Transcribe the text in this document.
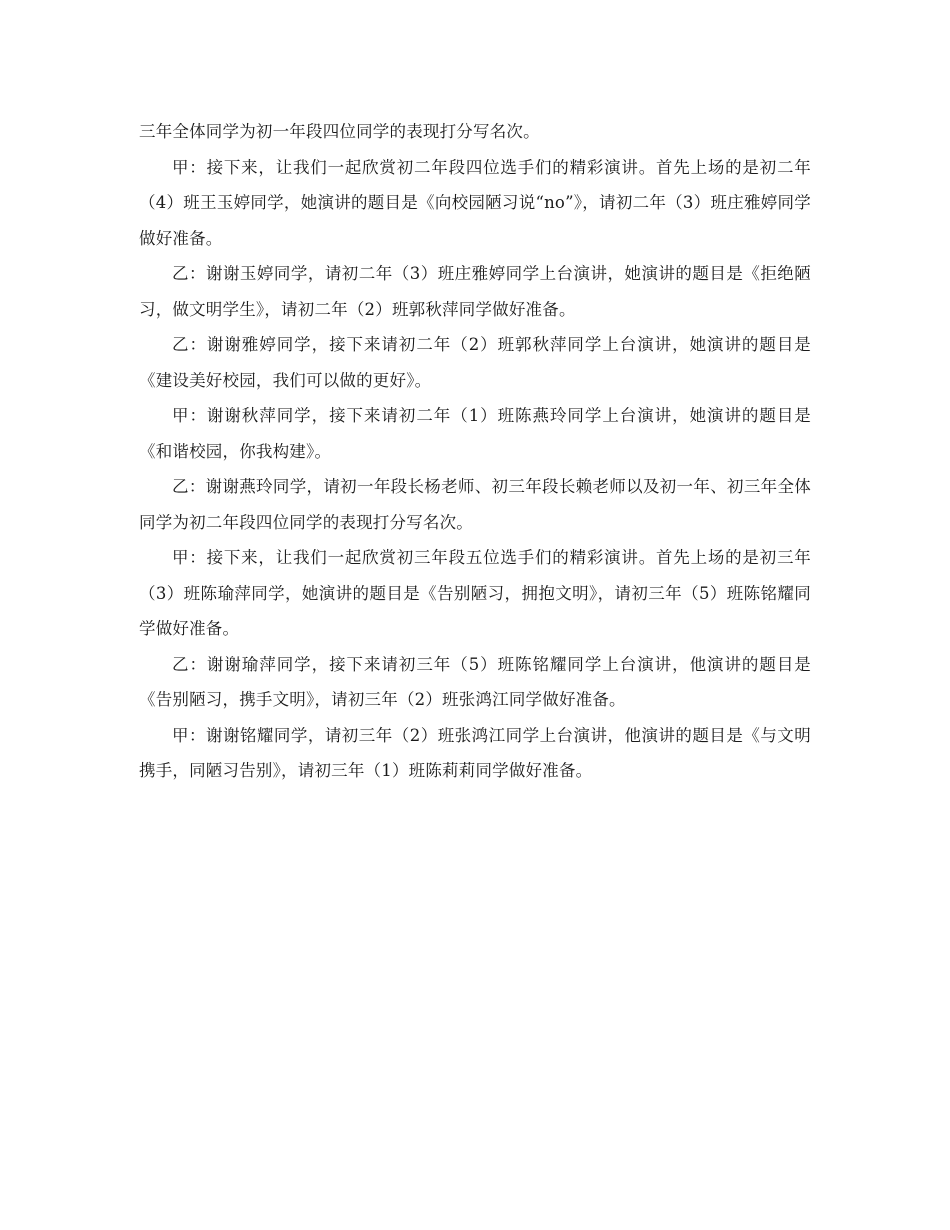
三年全体同学为初一年段四位同学的表现打分写名次。

甲：接下来，让我们一起欣赏初二年段四位选手们的精彩演讲。首先上场的是初二年（4）班王玉婷同学，她演讲的题目是《向校园陋习说“no”》，请初二年（3）班庄雅婷同学做好准备。

乙：谢谢玉婷同学，请初二年（3）班庄雅婷同学上台演讲，她演讲的题目是《拒绝陋习，做文明学生》，请初二年（2）班郭秋萍同学做好准备。

乙：谢谢雅婷同学，接下来请初二年（2）班郭秋萍同学上台演讲，她演讲的题目是《建设美好校园，我们可以做的更好》。

甲：谢谢秋萍同学，接下来请初二年（1）班陈燕玲同学上台演讲，她演讲的题目是《和谐校园，你我构建》。

乙：谢谢燕玲同学，请初一年段长杨老师、初三年段长赖老师以及初一年、初三年全体同学为初二年段四位同学的表现打分写名次。

甲：接下来，让我们一起欣赏初三年段五位选手们的精彩演讲。首先上场的是初三年（3）班陈瑜萍同学，她演讲的题目是《告别陋习，拥抱文明》，请初三年（5）班陈铭耀同学做好准备。

乙：谢谢瑜萍同学，接下来请初三年（5）班陈铭耀同学上台演讲，他演讲的题目是《告别陋习，携手文明》，请初三年（2）班张鸿江同学做好准备。

甲：谢谢铭耀同学，请初三年（2）班张鸿江同学上台演讲，他演讲的题目是《与文明携手，同陋习告别》，请初三年（1）班陈莉莉同学做好准备。
